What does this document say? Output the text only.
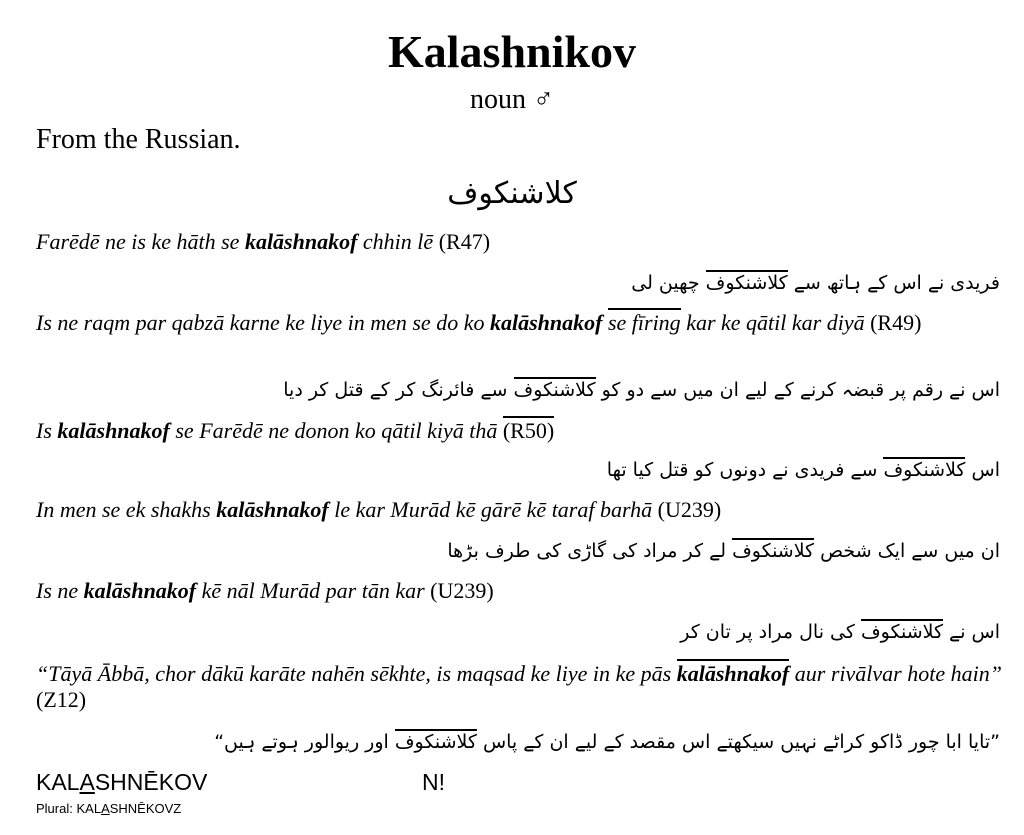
Kalashnikov
noun ♂
From the Russian.
کلاشنکوف
Farēdē ne is ke hāth se kalāshnakof chhin lē (R47)
فریدی نے اس کے ہاتھ سے کلاشنکوف چھین لی
Is ne raqm par qabzā karne ke liye in men se do ko kalāshnakof se fīring kar ke qātil kar diyā (R49)
اس نے رقم پر قبضہ کرنے کے لیے ان میں سے دو کو کلاشنکوف سے فائرنگ کر کے قتل کر دیا
Is kalāshnakof se Farēdē ne donon ko qātil kiyā thā (R50)
اس کلاشنکوف سے فریدی نے دونوں کو قتل کیا تھا
In men se ek shakhs kalāshnakof le kar Murād kē gārē kē taraf barhā (U239)
ان میں سے ایک شخص کلاشنکوف لے کر مراد کی گاڑی کی طرف بڑھا
Is ne kalāshnakof kē nāl Murād par tān kar (U239)
اس نے کلاشنکوف کی نال مراد پر تان کر
“Tāyā Ābbā, chor dākū karāte nahēn sēkhte, is maqsad ke liye in ke pās kalāshnakof aur rivālvar hote hain” (Z12)
”تایا ابا چور ڈاکو کراٹے نہیں سیکھتے اس مقصد کے لیے ان کے پاس کلاشنکوف اور ریوالور ہوتے ہیں“
KALASHNĒKOV	N!
Plural: KALASHNĒKOVZ
